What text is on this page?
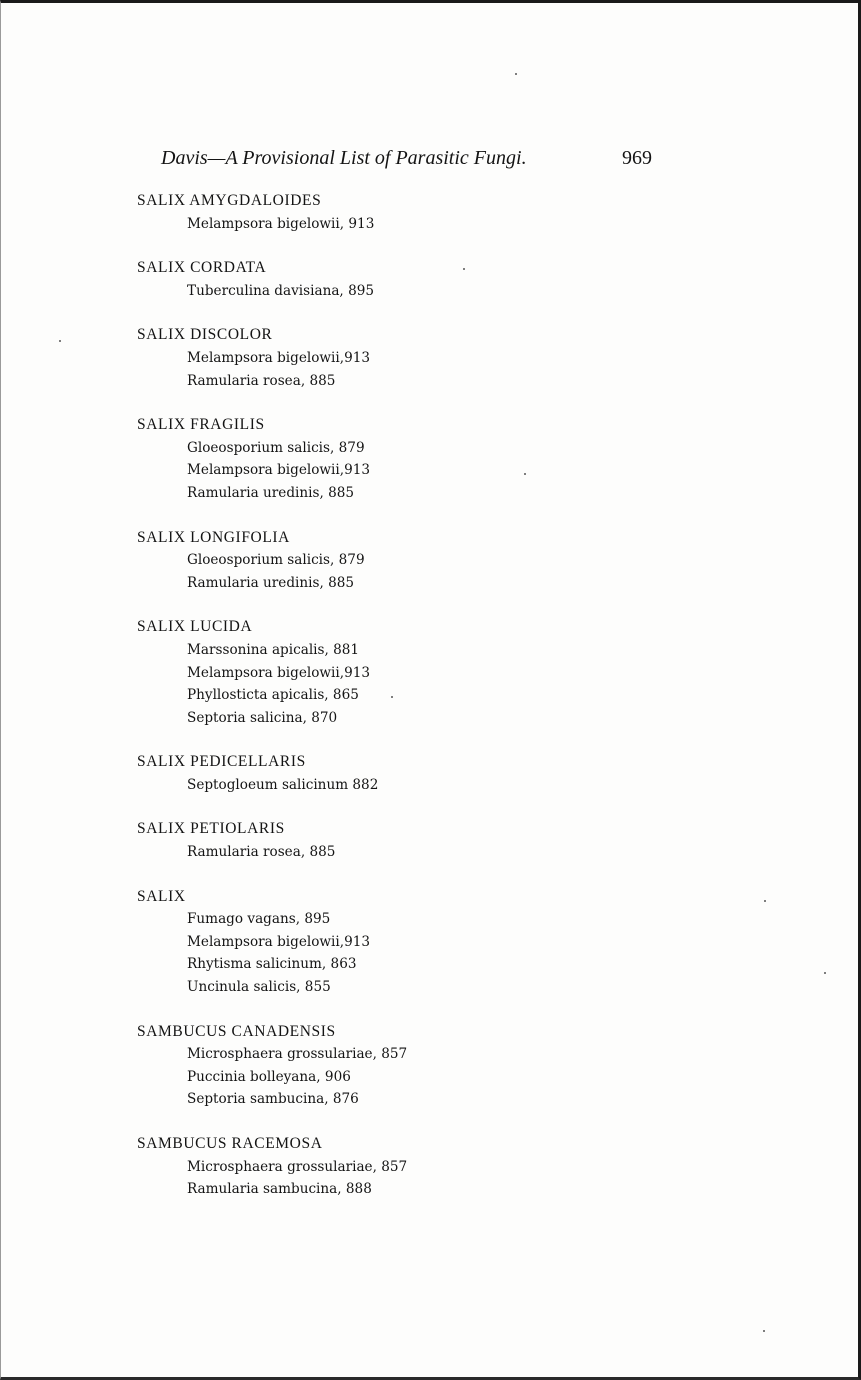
Davis—A Provisional List of Parasitic Fungi.	969
SALIX AMYGDALOIDES
Melampsora bigelowii, 913
SALIX CORDATA
Tuberculina davisiana, 895
SALIX DISCOLOR
Melampsora bigelowii,913
Ramularia rosea, 885
SALIX FRAGILIS
Gloeosporium salicis, 879
Melampsora bigelowii,913
Ramularia uredinis, 885
SALIX LONGIFOLIA
Gloeosporium salicis, 879
Ramularia uredinis, 885
SALIX LUCIDA
Marssonina apicalis, 881
Melampsora bigelowii,913
Phyllosticta apicalis, 865
Septoria salicina, 870
SALIX PEDICELLARIS
Septogloeum salicinum 882
SALIX PETIOLARIS
Ramularia rosea, 885
SALIX
Fumago vagans, 895
Melampsora bigelowii,913
Rhytisma salicinum, 863
Uncinula salicis, 855
SAMBUCUS CANADENSIS
Microsphaera grossulariae, 857
Puccinia bolleyana, 906
Septoria sambucina, 876
SAMBUCUS RACEMOSA
Microsphaera grossulariae, 857
Ramularia sambucina, 888
